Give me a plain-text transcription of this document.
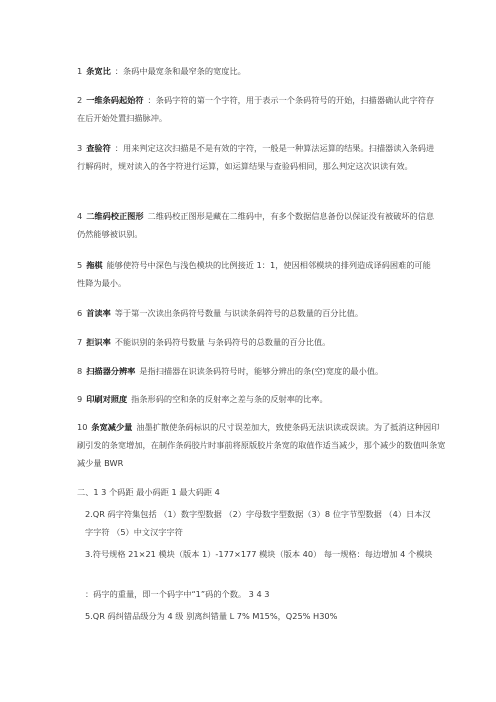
1 条宽比 ：条码中最宽条和最窄条的宽度比。
2 一维条码起始符 ：条码字符的第一个字符，用于表示一个条码符号的开始，扫描器确认此字符存在后开始处置扫描脉冲。
3 查验符 ：用来判定这次扫描是不是有效的字符，一般是一种算法运算的结果。扫描器读入条码进行解码时，规对读入的各字符进行运算，如运算结果与查验码相同，那么判定这次识读有效。
4 二维码校正图形 二维码校正图形是藏在二维码中，有多个数据信息备份以保证没有被破坏的信息仍然能够被识别。
5 拖棋 能够使符号中深色与浅色模块的比例接近 1：1，使因相邻模块的排列造成译码困难的可能性降为最小。
6 首读率 等于第一次读出条码符号数量 与识读条码符号的总数量的百分比值。
7 拒识率 不能识别的条码符号数量 与条码符号的总数量的百分比值。
8 扫描器分辨率 是指扫描器在识读条码符号时，能够分辨出的条(空)宽度的最小值。
9 印刷对照度 指条形码的空和条的反射率之差与条的反射率的比率。
10 条宽减少量 油墨扩散使条码标识的尺寸误差加大，致使条码无法识读或误读。为了抵消这种因印刷引发的条宽增加，在制作条码胶片时事前将原版胶片条宽的取值作适当减少，那个减少的数值叫条宽减少量 BWR
二、1 3 个码距 最小码距 1 最大码距 4
2.QR 码字符集包括 （1）数字型数据 （2）字母数字型数据（3）8 位字节型数据 （4）日本汉字字符 （5）中文汉字字符
3.符号规格 21×21 模块（版本 1）-177×177 模块（版本 40） 每一规格：每边增加 4 个模块
：码字的重量，即一个码字中“1”码的个数。 3 4 3
5.QR 码纠错品级分为 4 级 别离纠错量 L 7% M15%，Q25% H30%
